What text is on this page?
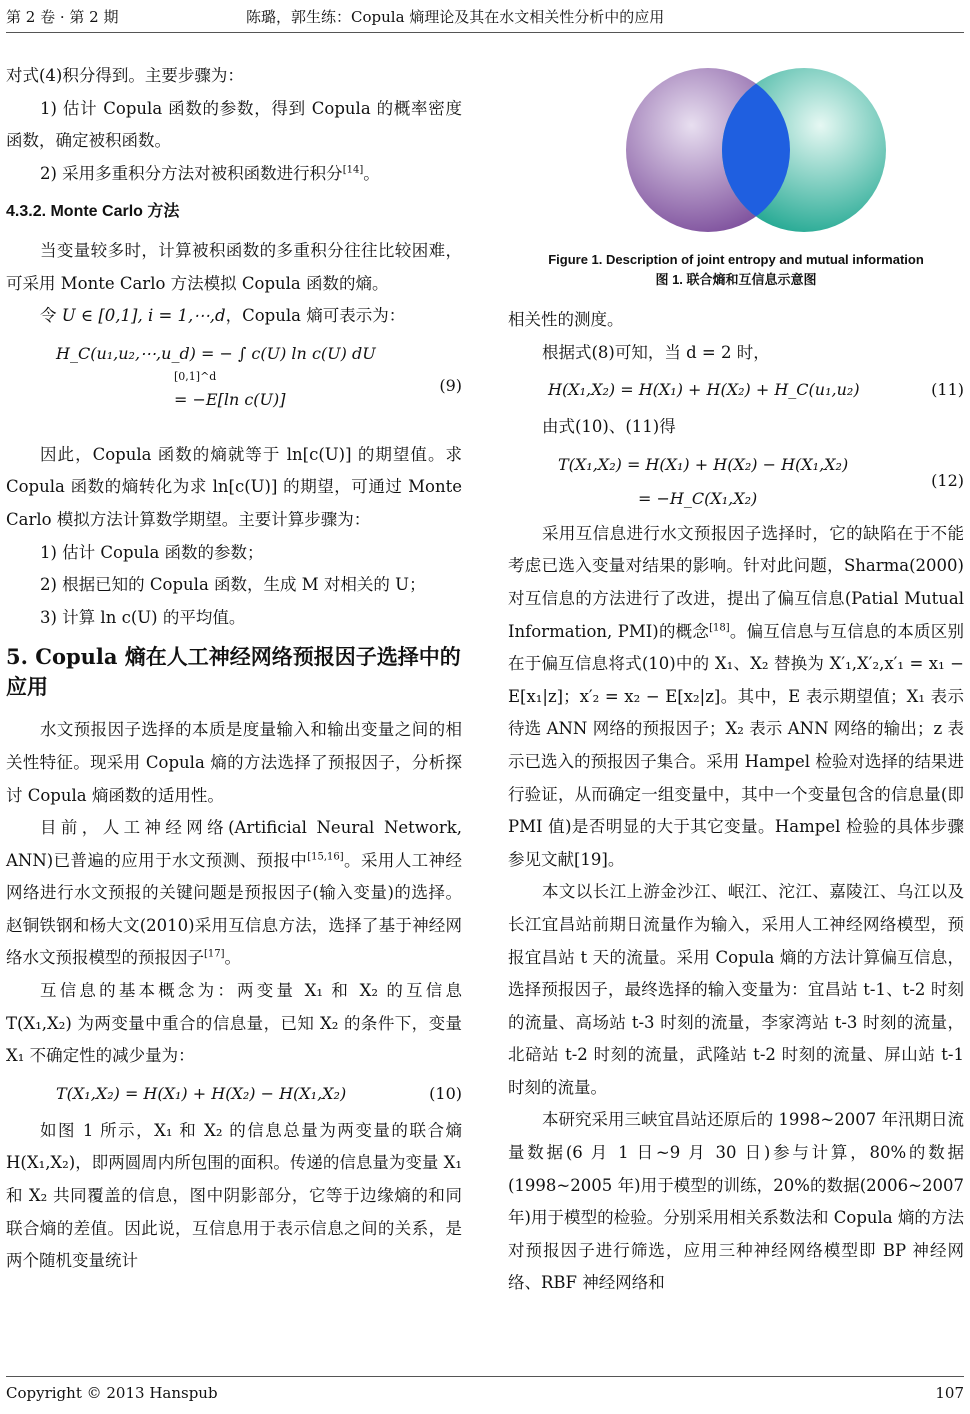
第 2 卷 · 第 2 期	陈璐，郭生练：Copula 熵理论及其在水文相关性分析中的应用

对式(4)积分得到。主要步骤为：

1) 估计 Copula 函数的参数，得到 Copula 的概率密度函数，确定被积函数。

2) 采用多重积分方法对被积函数进行积分[14]。

4.3.2. Monte Carlo 方法

当变量较多时，计算被积函数的多重积分往往比较困难，可采用 Monte Carlo 方法模拟 Copula 函数的熵。

令 U ∈ [0,1], i = 1,⋯,d，Copula 熵可表示为：

H_C(u₁,u₂,⋯,u_d) = − ∫ c(U) ln c(U) dU
[0,1]^d
= −E[ln c(U)]
(9)

因此，Copula 函数的熵就等于 ln[c(U)] 的期望值。求 Copula 函数的熵转化为求 ln[c(U)] 的期望，可通过 Monte Carlo 模拟方法计算数学期望。主要计算步骤为：

1) 估计 Copula 函数的参数；

2) 根据已知的 Copula 函数，生成 M 对相关的 U；

3) 计算 ln c(U) 的平均值。

5. Copula 熵在人工神经网络预报因子选择中的应用

水文预报因子选择的本质是度量输入和输出变量之间的相关性特征。现采用 Copula 熵的方法选择了预报因子，分析探讨 Copula 熵函数的适用性。

目前，人工神经网络(Artificial Neural Network, ANN)已普遍的应用于水文预测、预报中[15,16]。采用人工神经网络进行水文预报的关键问题是预报因子(输入变量)的选择。赵铜铁钢和杨大文(2010)采用互信息方法，选择了基于神经网络水文预报模型的预报因子[17]。

互信息的基本概念为：两变量 X₁ 和 X₂ 的互信息 T(X₁,X₂) 为两变量中重合的信息量，已知 X₂ 的条件下，变量 X₁ 不确定性的减少量为：

T(X₁,X₂) = H(X₁) + H(X₂) − H(X₁,X₂)	(10)

如图 1 所示，X₁ 和 X₂ 的信息总量为两变量的联合熵 H(X₁,X₂)，即两圆周内所包围的面积。传递的信息量为变量 X₁ 和 X₂ 共同覆盖的信息，图中阴影部分，它等于边缘熵的和同联合熵的差值。因此说，互信息用于表示信息之间的关系，是两个随机变量统计

Figure 1. Description of joint entropy and mutual information
图 1. 联合熵和互信息示意图

相关性的测度。

根据式(8)可知，当 d = 2 时，

H(X₁,X₂) = H(X₁) + H(X₂) + H_C(u₁,u₂)	(11)

由式(10)、(11)得

T(X₁,X₂) = H(X₁) + H(X₂) − H(X₁,X₂)
= −H_C(X₁,X₂)
(12)

采用互信息进行水文预报因子选择时，它的缺陷在于不能考虑已选入变量对结果的影响。针对此问题，Sharma(2000)对互信息的方法进行了改进，提出了偏互信息(Patial Mutual Information, PMI)的概念[18]。偏互信息与互信息的本质区别在于偏互信息将式(10)中的 X₁、X₂ 替换为 X′₁,X′₂,x′₁ = x₁ − E[x₁|z]；x′₂ = x₂ − E[x₂|z]。其中，E 表示期望值；X₁ 表示待选 ANN 网络的预报因子；X₂ 表示 ANN 网络的输出；z 表示已选入的预报因子集合。采用 Hampel 检验对选择的结果进行验证，从而确定一组变量中，其中一个变量包含的信息量(即 PMI 值)是否明显的大于其它变量。Hampel 检验的具体步骤参见文献[19]。

本文以长江上游金沙江、岷江、沱江、嘉陵江、乌江以及长江宜昌站前期日流量作为输入，采用人工神经网络模型，预报宜昌站 t 天的流量。采用 Copula 熵的方法计算偏互信息，选择预报因子，最终选择的输入变量为：宜昌站 t-1、t-2 时刻的流量、高场站 t-3 时刻的流量，李家湾站 t-3 时刻的流量，北碚站 t-2 时刻的流量，武隆站 t-2 时刻的流量、屏山站 t-1 时刻的流量。

本研究采用三峡宜昌站还原后的 1998~2007 年汛期日流量数据(6 月 1 日~9 月 30 日)参与计算，80%的数据(1998~2005 年)用于模型的训练，20%的数据(2006~2007 年)用于模型的检验。分别采用相关系数法和 Copula 熵的方法对预报因子进行筛选，应用三种神经网络模型即 BP 神经网络、RBF 神经网络和

Copyright © 2013 Hanspub	107
